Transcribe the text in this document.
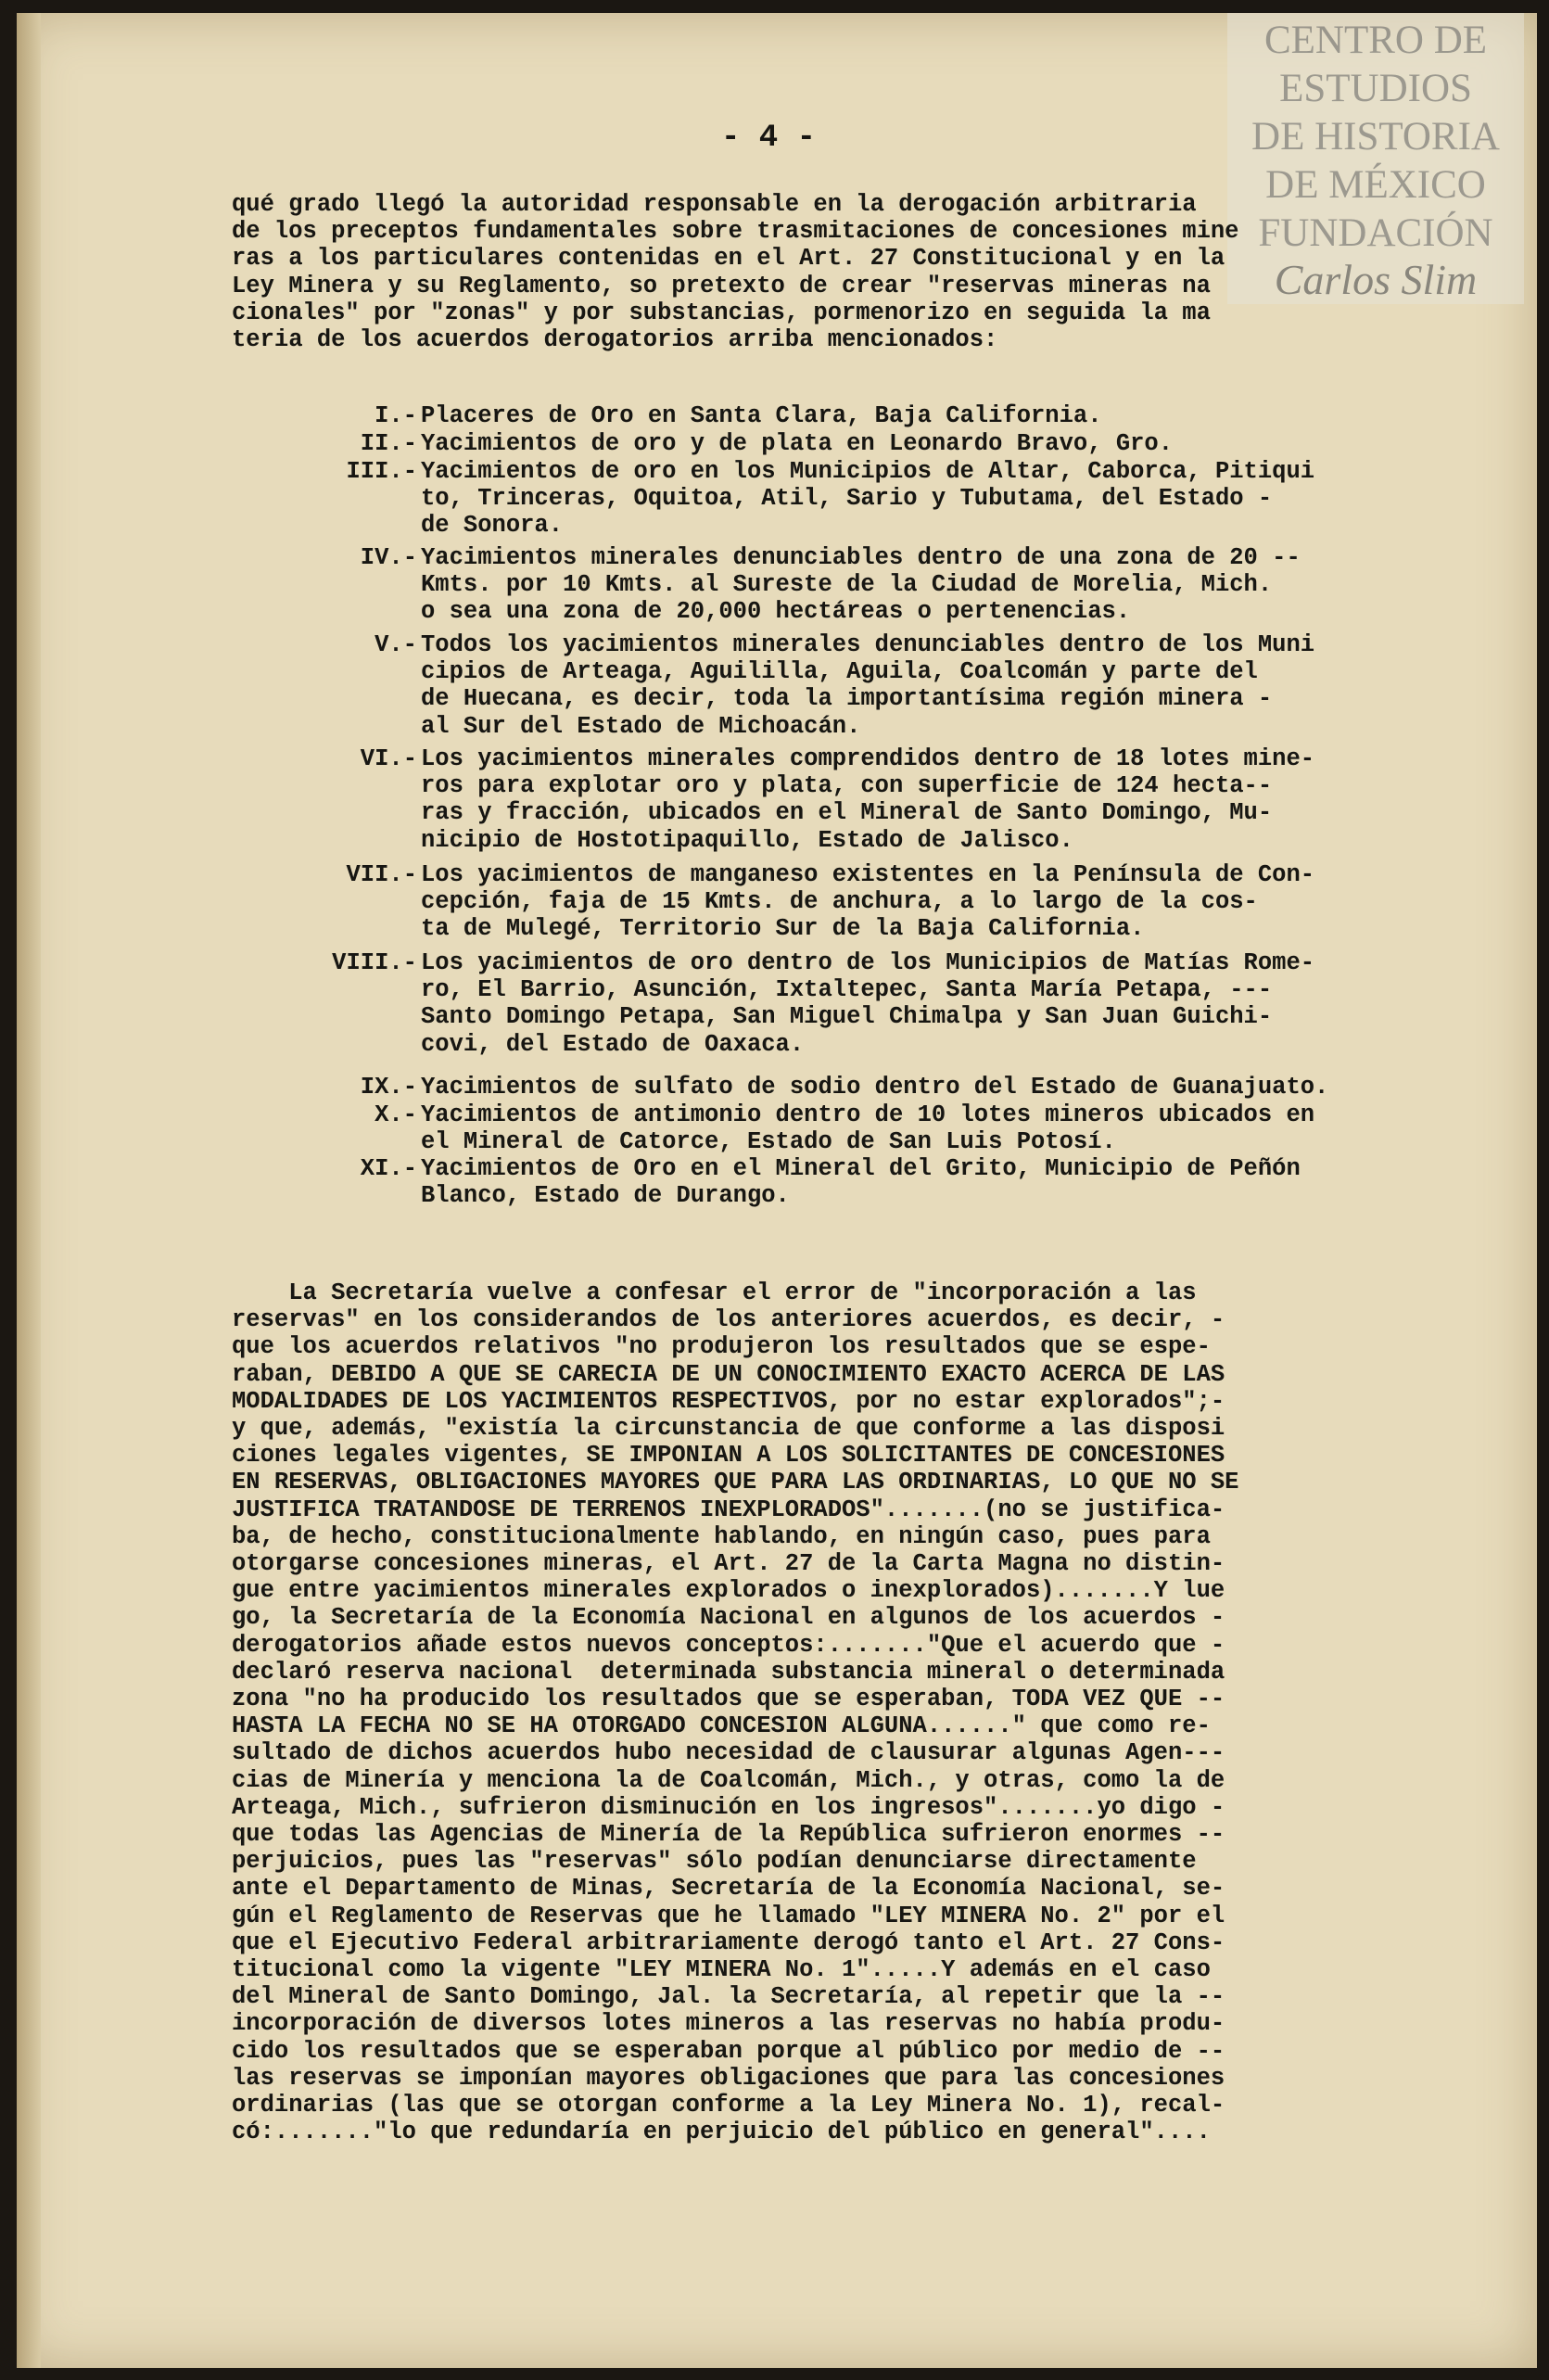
CENTRO DE
ESTUDIOS
DE HISTORIA
DE MÉXICO
FUNDACIÓN
Carlos Slim
- 4 -
qué grado llegó la autoridad responsable en la derogación arbitraria
de los preceptos fundamentales sobre trasmitaciones de concesiones mine
ras a los particulares contenidas en el Art. 27 Constitucional y en la
Ley Minera y su Reglamento, so pretexto de crear "reservas mineras na
cionales" por "zonas" y por substancias, pormenorizo en seguida la ma
teria de los acuerdos derogatorios arriba mencionados:
I.- Placeres de Oro en Santa Clara, Baja California.
II.- Yacimientos de oro y de plata en Leonardo Bravo, Gro.
III.- Yacimientos de oro en los Municipios de Altar, Caborca, Pitiqui
to, Trinceras, Oquitoa, Atil, Sario y Tubutama, del Estado -
de Sonora.
IV.- Yacimientos minerales denunciables dentro de una zona de 20 --
Kmts. por 10 Kmts. al Sureste de la Ciudad de Morelia, Mich.
o sea una zona de 20,000 hectáreas o pertenencias.
V.- Todos los yacimientos minerales denunciables dentro de los Muni
cipios de Arteaga, Aguililla, Aguila, Coalcomán y parte del
de Huecana, es decir, toda la importantísima región minera -
al Sur del Estado de Michoacán.
VI.- Los yacimientos minerales comprendidos dentro de 18 lotes mine-
ros para explotar oro y plata, con superficie de 124 hecta--
ras y fracción, ubicados en el Mineral de Santo Domingo, Mu-
nicipio de Hostotipaquillo, Estado de Jalisco.
VII.- Los yacimientos de manganeso existentes en la Península de Con-
cepción, faja de 15 Kmts. de anchura, a lo largo de la cos-
ta de Mulegé, Territorio Sur de la Baja California.
VIII.- Los yacimientos de oro dentro de los Municipios de Matías Rome-
ro, El Barrio, Asunción, Ixtaltepec, Santa María Petapa, ---
Santo Domingo Petapa, San Miguel Chimalpa y San Juan Guichi-
covi, del Estado de Oaxaca.
IX.- Yacimientos de sulfato de sodio dentro del Estado de Guanajuato.
X.- Yacimientos de antimonio dentro de 10 lotes mineros ubicados en
el Mineral de Catorce, Estado de San Luis Potosí.
XI.- Yacimientos de Oro en el Mineral del Grito, Municipio de Peñón
Blanco, Estado de Durango.
La Secretaría vuelve a confesar el error de "incorporación a las
reservas" en los considerandos de los anteriores acuerdos, es decir, -
que los acuerdos relativos "no produjeron los resultados que se espe-
raban, DEBIDO A QUE SE CARECIA DE UN CONOCIMIENTO EXACTO ACERCA DE LAS
MODALIDADES DE LOS YACIMIENTOS RESPECTIVOS, por no estar explorados";-
y que, además, "existía la circunstancia de que conforme a las disposi
ciones legales vigentes, SE IMPONIAN A LOS SOLICITANTES DE CONCESIONES
EN RESERVAS, OBLIGACIONES MAYORES QUE PARA LAS ORDINARIAS, LO QUE NO SE
JUSTIFICA TRATANDOSE DE TERRENOS INEXPLORADOS".......(no se justifica-
ba, de hecho, constitucionalmente hablando, en ningún caso, pues para
otorgarse concesiones mineras, el Art. 27 de la Carta Magna no distin-
gue entre yacimientos minerales explorados o inexplorados).......Y lue
go, la Secretaría de la Economía Nacional en algunos de los acuerdos -
derogatorios añade estos nuevos conceptos:......."Que el acuerdo que -
declaró reserva nacional  determinada substancia mineral o determinada
zona "no ha producido los resultados que se esperaban, TODA VEZ QUE --
HASTA LA FECHA NO SE HA OTORGADO CONCESION ALGUNA......" que como re-
sultado de dichos acuerdos hubo necesidad de clausurar algunas Agen---
cias de Minería y menciona la de Coalcomán, Mich., y otras, como la de
Arteaga, Mich., sufrieron disminución en los ingresos".......yo digo -
que todas las Agencias de Minería de la República sufrieron enormes --
perjuicios, pues las "reservas" sólo podían denunciarse directamente
ante el Departamento de Minas, Secretaría de la Economía Nacional, se-
gún el Reglamento de Reservas que he llamado "LEY MINERA No. 2" por el
que el Ejecutivo Federal arbitrariamente derogó tanto el Art. 27 Cons-
titucional como la vigente "LEY MINERA No. 1".....Y además en el caso
del Mineral de Santo Domingo, Jal. la Secretaría, al repetir que la --
incorporación de diversos lotes mineros a las reservas no había produ-
cido los resultados que se esperaban porque al público por medio de --
las reservas se imponían mayores obligaciones que para las concesiones
ordinarias (las que se otorgan conforme a la Ley Minera No. 1), recal-
có:......."lo que redundaría en perjuicio del público en general"....
